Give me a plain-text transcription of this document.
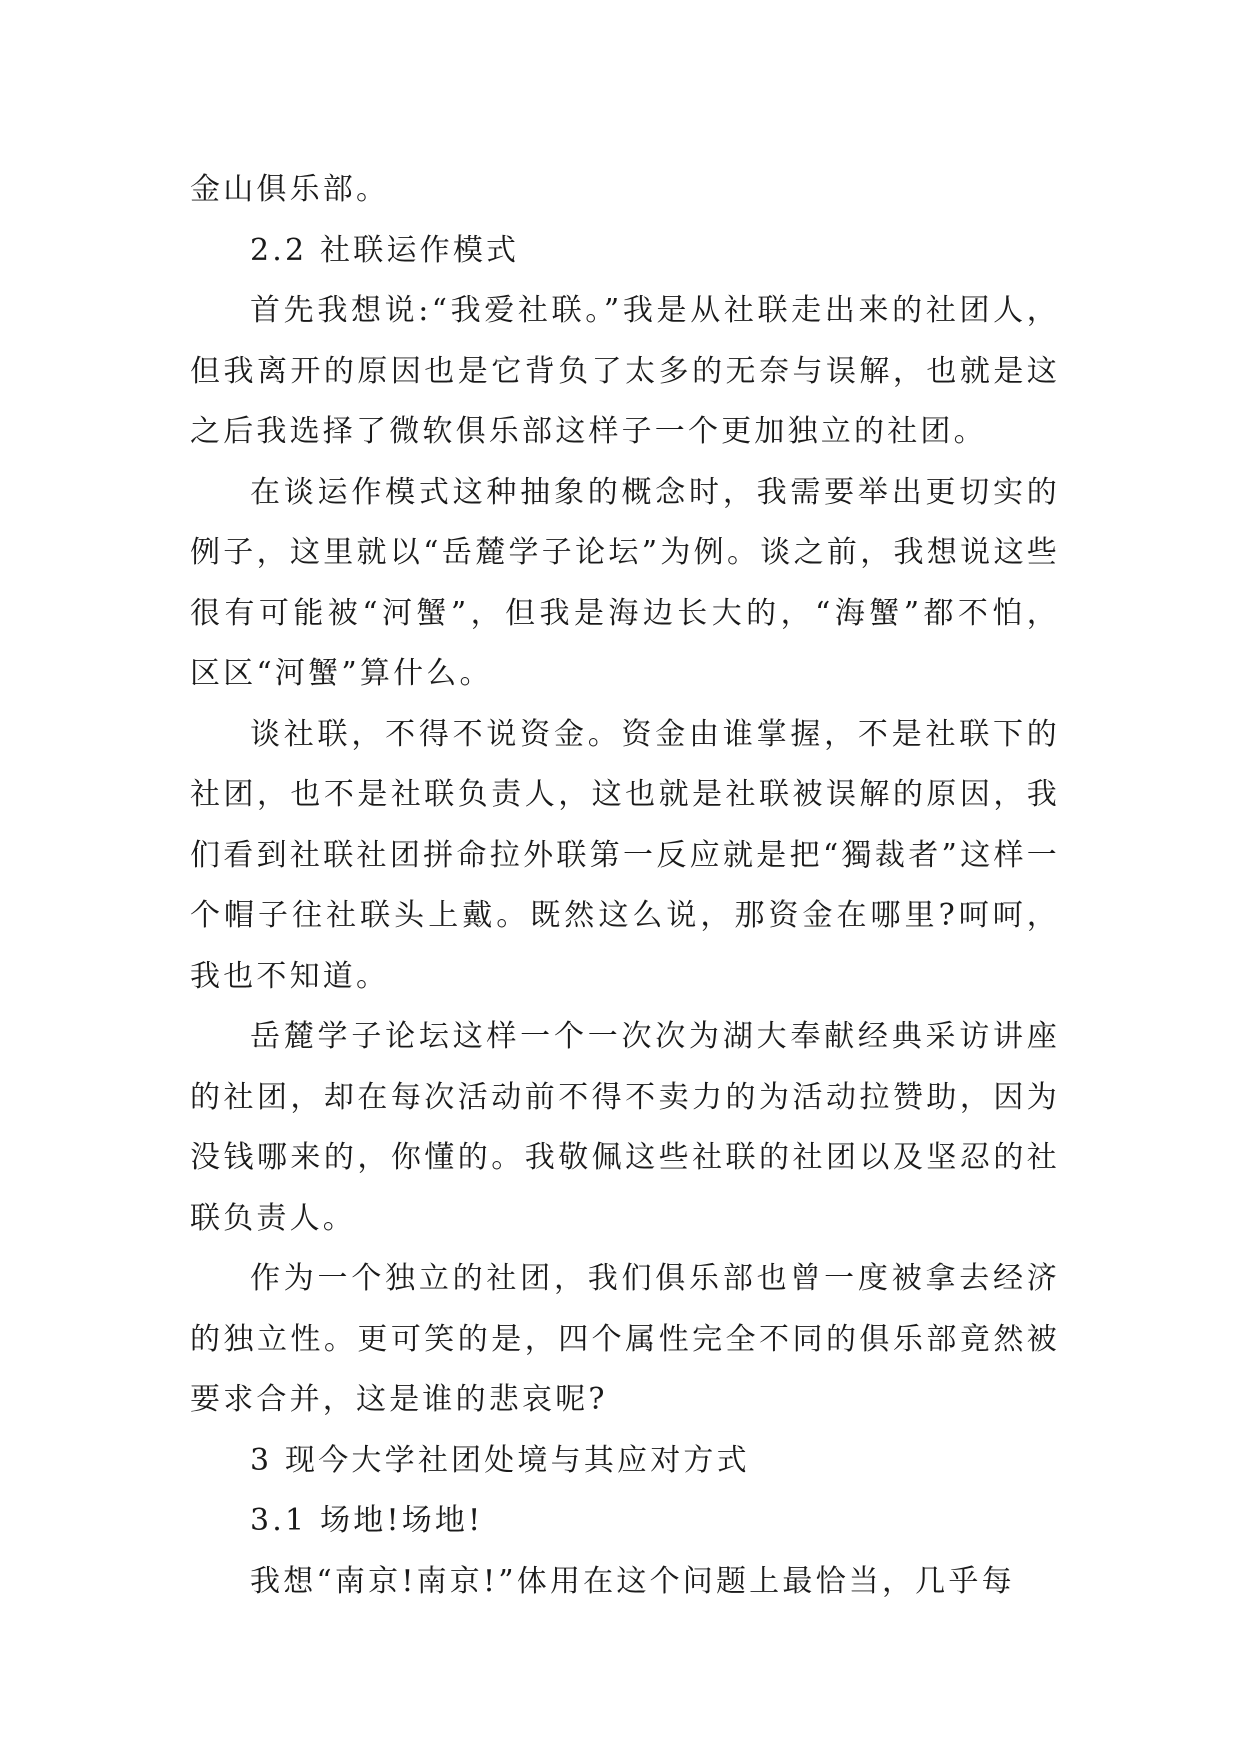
金山俱乐部。

2.2 社联运作模式

首先我想说:“我爱社联。”我是从社联走出来的社团人，但我离开的原因也是它背负了太多的无奈与误解，也就是这之后我选择了微软俱乐部这样子一个更加独立的社团。

在谈运作模式这种抽象的概念时，我需要举出更切实的例子，这里就以“岳麓学子论坛”为例。谈之前，我想说这些很有可能被“河蟹”，但我是海边长大的，“海蟹”都不怕，区区“河蟹”算什么。

谈社联，不得不说资金。资金由谁掌握，不是社联下的社团，也不是社联负责人，这也就是社联被误解的原因，我们看到社联社团拼命拉外联第一反应就是把“獨裁者”这样一个帽子往社联头上戴。既然这么说，那资金在哪里?呵呵，我也不知道。

岳麓学子论坛这样一个一次次为湖大奉献经典采访讲座的社团，却在每次活动前不得不卖力的为活动拉赞助，因为没钱哪来的，你懂的。我敬佩这些社联的社团以及坚忍的社联负责人。

作为一个独立的社团，我们俱乐部也曾一度被拿去经济的独立性。更可笑的是，四个属性完全不同的俱乐部竟然被要求合并，这是谁的悲哀呢?

3 现今大学社团处境与其应对方式

3.1 场地!场地!

我想“南京!南京!”体用在这个问题上最恰当，几乎每
